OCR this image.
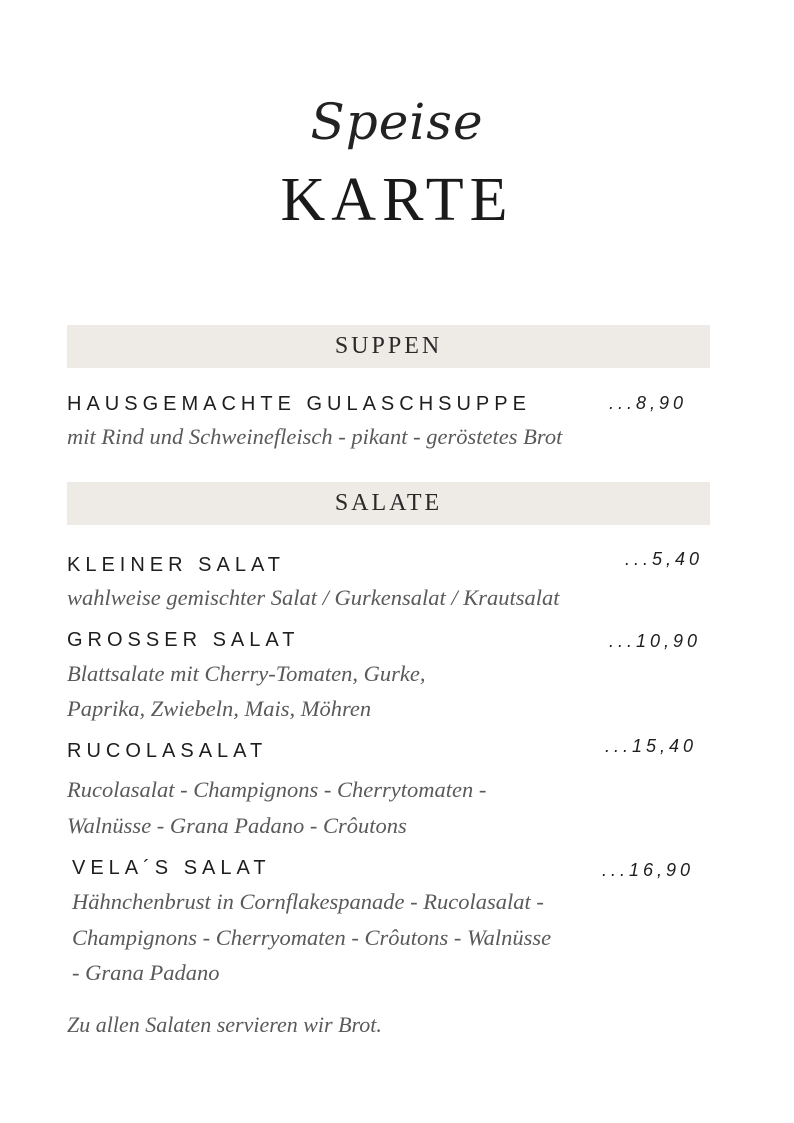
Speise
KARTE
SUPPEN
HAUSGEMACHTE GULASCHSUPPE	...8,90
mit Rind und Schweinefleisch - pikant - geröstetes Brot
SALATE
KLEINER SALAT	...5,40
wahlweise gemischter Salat / Gurkensalat / Krautsalat
GROSSER SALAT	...10,90
Blattsalate mit Cherry-Tomaten, Gurke,
Paprika, Zwiebeln, Mais, Möhren
RUCOLASALAT	...15,40
Rucolasalat - Champignons - Cherrytomaten -
Walnüsse - Grana Padano - Crôutons
VELA´S SALAT	...16,90
Hähnchenbrust in Cornflakespanade - Rucolasalat -
Champignons - Cherryomaten - Crôutons - Walnüsse
- Grana Padano
Zu allen Salaten servieren wir Brot.
